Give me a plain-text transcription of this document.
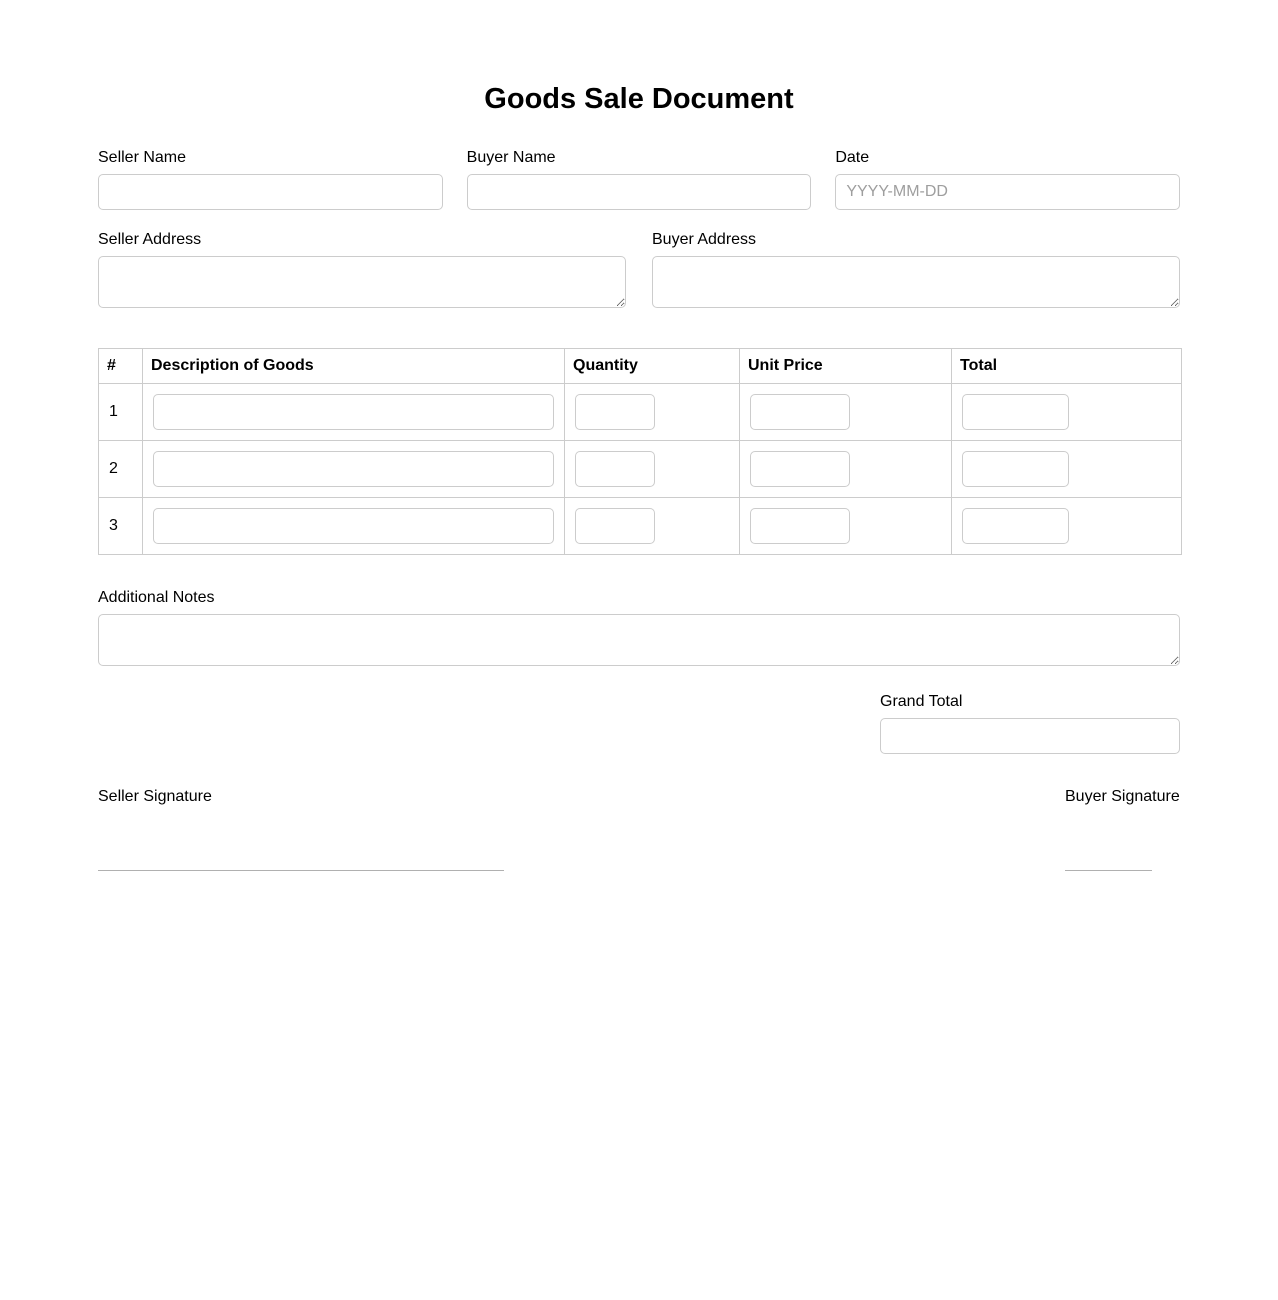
Goods Sale Document
Seller Name	Buyer Name	Date
YYYY-MM-DD
Seller Address	Buyer Address
#	Description of Goods	Quantity	Unit Price	Total
1				
2				
3				
Additional Notes
Grand Total
Seller Signature	Buyer Signature
